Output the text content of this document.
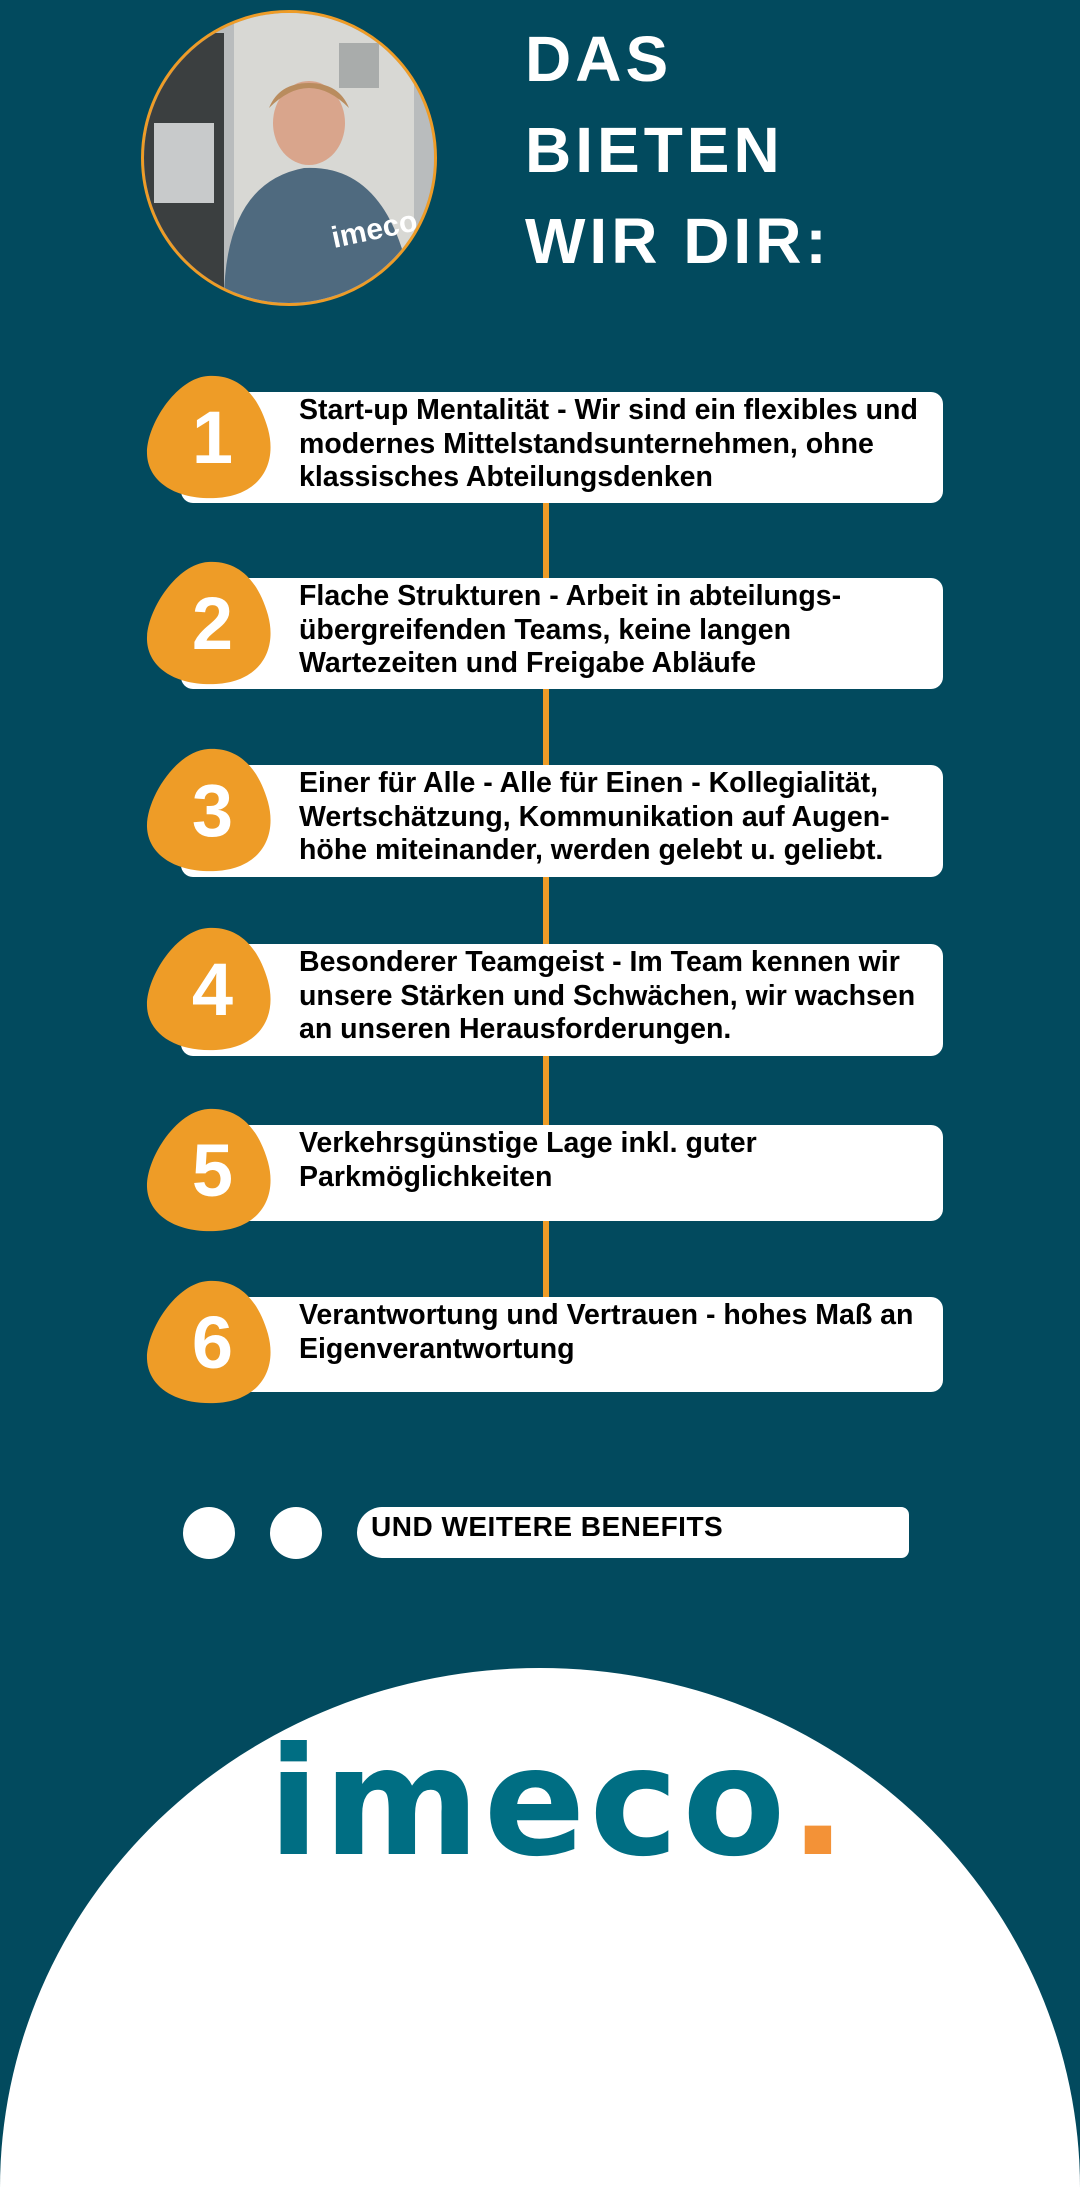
imeco
DAS
BIETEN
WIR DIR:
1	Start-up Mentalität - Wir sind ein flexibles und modernes Mittelstandsunternehmen, ohne klassisches Abteilungsdenken
2	Flache Strukturen - Arbeit in abteilungs-übergreifenden Teams, keine langen Wartezeiten und Freigabe Abläufe
3	Einer für Alle - Alle für Einen - Kollegialität, Wertschätzung, Kommunikation auf Augen-höhe miteinander, werden gelebt u. geliebt.
4	Besonderer Teamgeist - Im Team kennen wir unsere Stärken und Schwächen, wir wachsen an unseren Herausforderungen.
5	Verkehrsgünstige Lage inkl. guter Parkmöglichkeiten
6	Verantwortung und Vertrauen - hohes Maß an Eigenverantwortung
UND WEITERE BENEFITS
imeco.
